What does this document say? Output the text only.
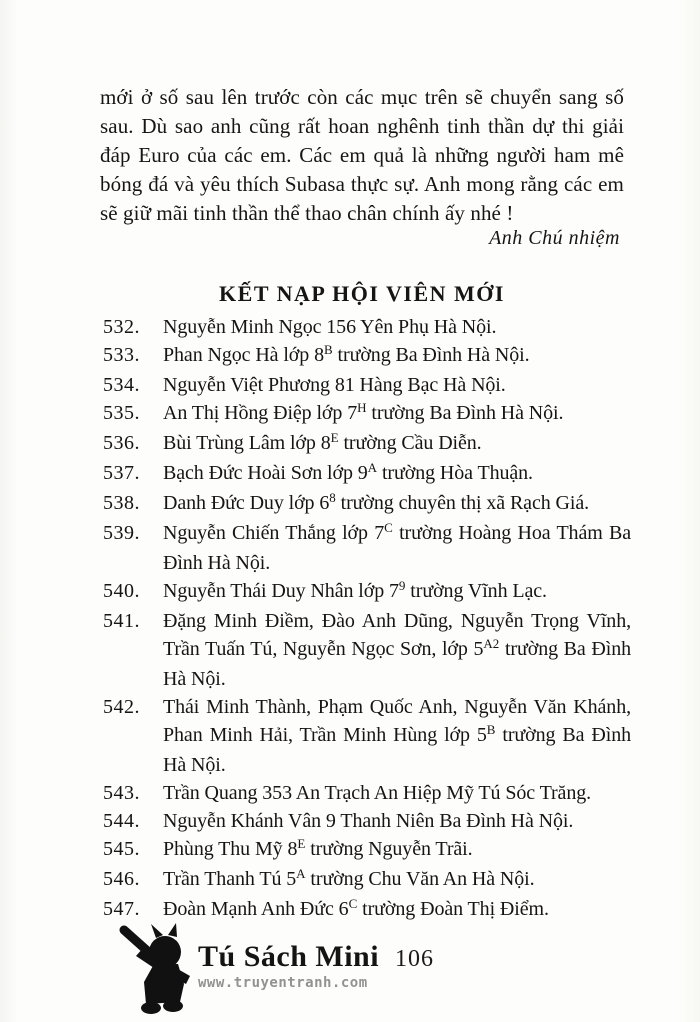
mới ở số sau lên trước còn các mục trên sẽ chuyển sang số sau. Dù sao anh cũng rất hoan nghênh tinh thần dự thi giải đáp Euro của các em. Các em quả là những người ham mê bóng đá và yêu thích Subasa thực sự. Anh mong rằng các em sẽ giữ mãi tinh thần thể thao chân chính ấy nhé !

Anh Chú nhiệm
KẾT NẠP HỘI VIÊN MỚI
532.	Nguyễn Minh Ngọc 156 Yên Phụ Hà Nội.
533.	Phan Ngọc Hà lớp $8^B$ trường Ba Đình Hà Nội.
534.	Nguyễn Việt Phương 81 Hàng Bạc Hà Nội.
535.	An Thị Hồng Điệp lớp $7^H$ trường Ba Đình Hà Nội.
536.	Bùi Trùng Lâm lớp $8^E$ trường Cầu Diễn.
537.	Bạch Đức Hoài Sơn lớp $9^A$ trường Hòa Thuận.
538.	Danh Đức Duy lớp $6^8$ trường chuyên thị xã Rạch Giá.
539.	Nguyễn Chiến Thắng lớp $7^C$ trường Hoàng Hoa Thám Ba Đình Hà Nội.
540.	Nguyễn Thái Duy Nhân lớp $7^9$ trường Vĩnh Lạc.
541.	Đặng Minh Điềm, Đào Anh Dũng, Nguyễn Trọng Vĩnh, Trần Tuấn Tú, Nguyễn Ngọc Sơn, lớp $5^{A2}$ trường Ba Đình Hà Nội.
542.	Thái Minh Thành, Phạm Quốc Anh, Nguyễn Văn Khánh, Phan Minh Hải, Trần Minh Hùng lớp $5^B$ trường Ba Đình Hà Nội.
543.	Trần Quang 353 An Trạch An Hiệp Mỹ Tú Sóc Trăng.
544.	Nguyễn Khánh Vân 9 Thanh Niên Ba Đình Hà Nội.
545.	Phùng Thu Mỹ $8^E$ trường Nguyễn Trãi.
546.	Trần Thanh Tú $5^A$ trường Chu Văn An Hà Nội.
547.	Đoàn Mạnh Anh Đức $6^C$ trường Đoàn Thị Điểm.
Tú Sách Mini
www.truyentranh.com
106
